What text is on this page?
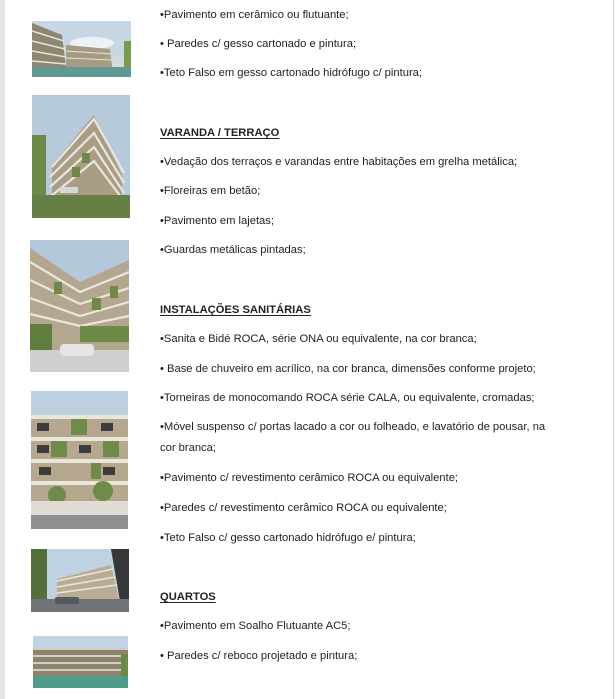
•Pavimento em cerâmico ou flutuante;
• Paredes c/ gesso cartonado e pintura;
•Teto Falso em gesso cartonado hidrófugo c/ pintura;
VARANDA / TERRAÇO
•Vedação dos terraços e varandas entre habitações em grelha metálica;
•Floreiras em betão;
•Pavimento em lajetas;
•Guardas metálicas pintadas;
INSTALAÇÕES SANITÁRIAS
•Sanita e Bidé ROCA, série ONA ou equivalente, na cor branca;
• Base de chuveiro em acrílico, na cor branca, dimensões conforme projeto;
•Torneiras de monocomando ROCA série CALA, ou equivalente, cromadas;
•Móvel suspenso c/ portas lacado a cor ou folheado, e lavatório de pousar, na cor branca;
•Pavimento c/ revestimento cerâmico ROCA ou equivalente;
•Paredes c/ revestimento cerâmico ROCA ou equivalente;
•Teto Falso c/ gesso cartonado hidrófugo e/ pintura;
QUARTOS
•Pavimento em Soalho Flutuante AC5;
• Paredes c/ reboco projetado e pintura;
